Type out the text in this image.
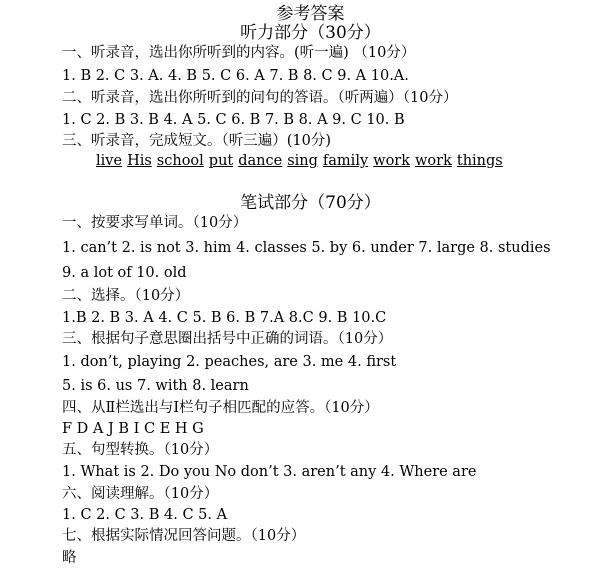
参考答案
听力部分（30分）
一、听录音，选出你所听到的内容。(听一遍) （10分）
1. B 2. C 3. A. 4. B 5. C 6. A 7. B 8. C 9. A 10.A.
二、听录音，选出你所听到的问句的答语。（听两遍）（10分）
1. C 2. B 3. B 4. A 5. C 6. B 7. B 8. A 9. C 10. B
三、听录音，完成短文。（听三遍）(10分)
live His school put dance sing family work work things
笔试部分（70分）
一、按要求写单词。（10分）
1. can’t 2. is not 3. him 4. classes 5. by 6. under 7. large 8. studies
9. a lot of 10. old
二、选择。（10分）
1.B 2. B 3. A 4. C 5. B 6. B 7.A 8.C 9. B 10.C
三、根据句子意思圈出括号中正确的词语。（10分）
1. don’t, playing 2. peaches, are 3. me 4. first
5. is 6. us 7. with 8. learn
四、从Ⅱ栏选出与Ⅰ栏句子相匹配的应答。（10分）
F D A J B I C E H G
五、句型转换。（10分）
1. What is 2. Do you No don’t 3. aren’t any 4. Where are
六、阅读理解。（10分）
1. C 2. C 3. B 4. C 5. A
七、根据实际情况回答问题。（10分）
略
